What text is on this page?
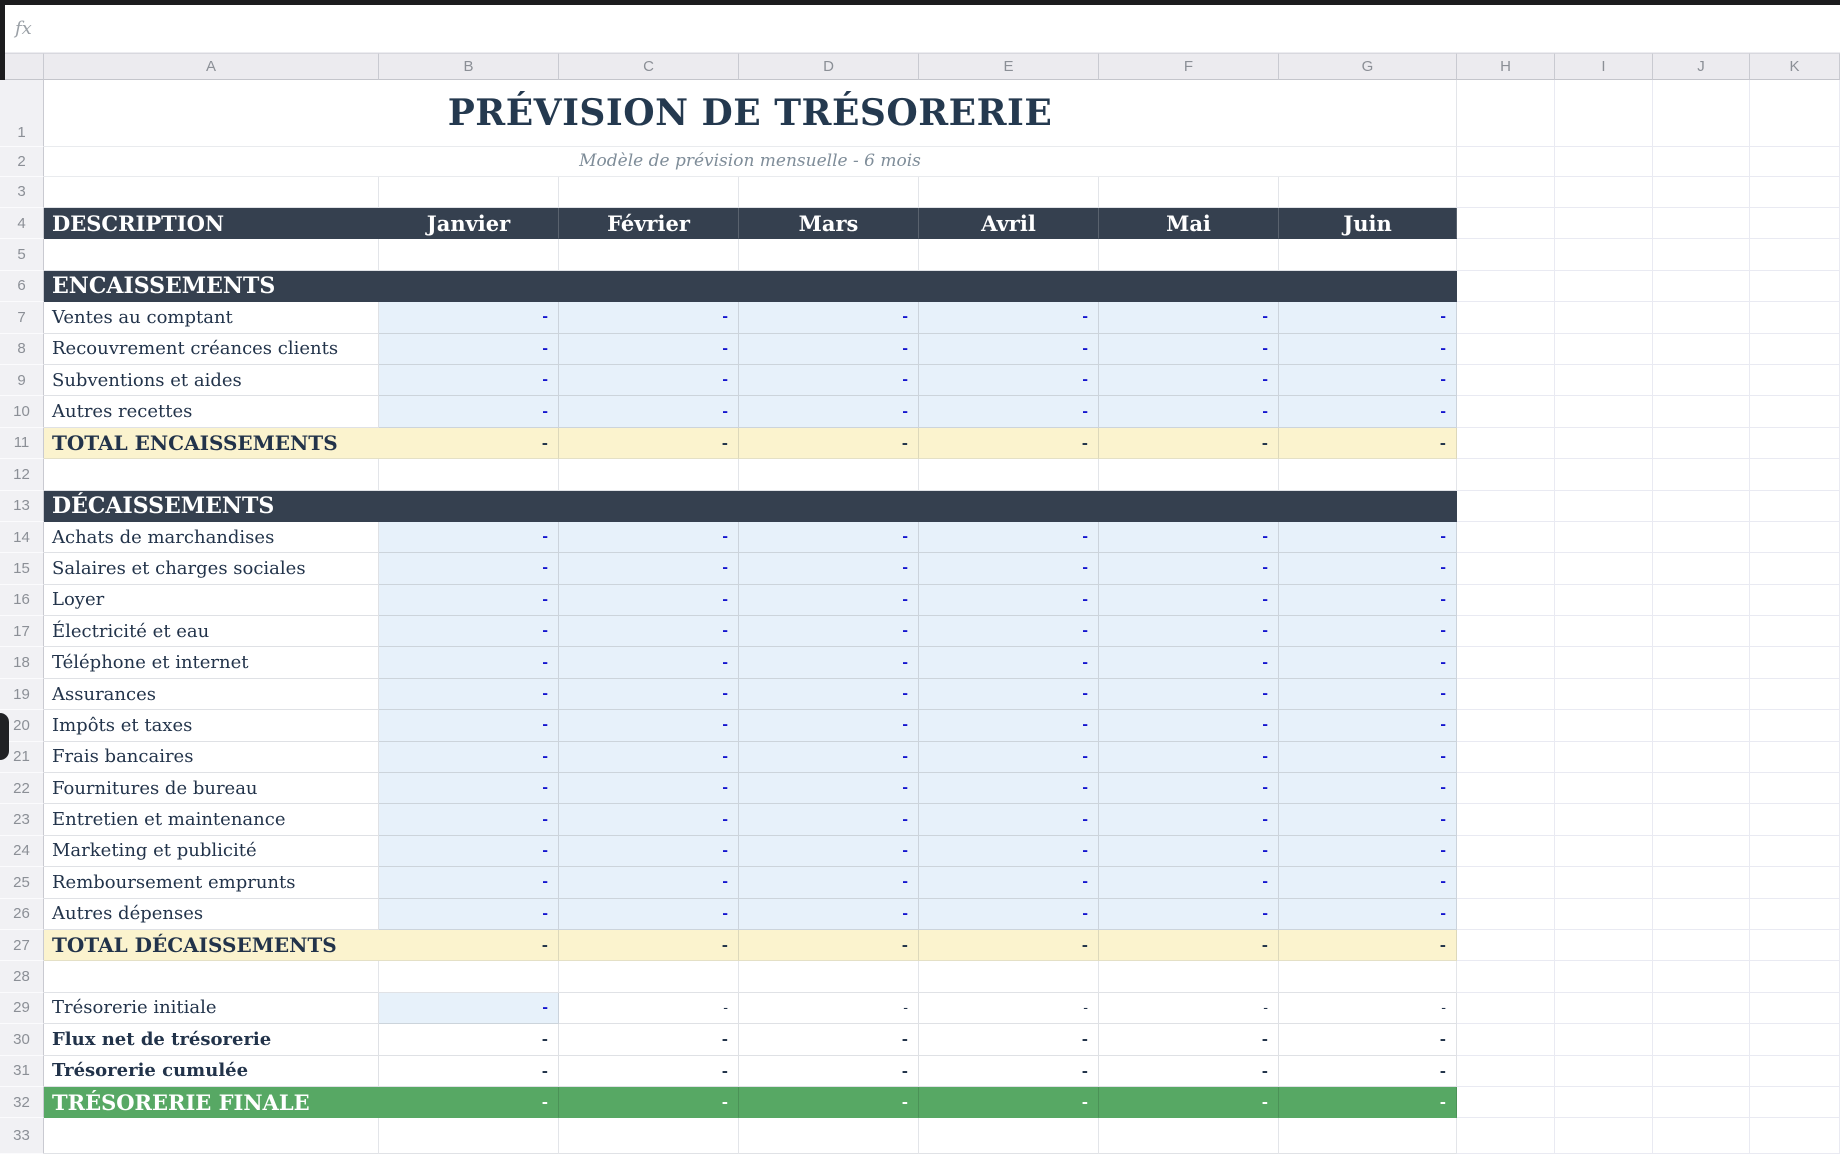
fx
A	B	C	D	E	F	G	H	I	J	K
1	PRÉVISION DE TRÉSORERIE
2	Modèle de prévision mensuelle - 6 mois
3
4	DESCRIPTION	Janvier	Février	Mars	Avril	Mai	Juin
5
6	ENCAISSEMENTS
7	Ventes au comptant	-	-	-	-	-	-
8	Recouvrement créances clients	-	-	-	-	-	-
9	Subventions et aides	-	-	-	-	-	-
10	Autres recettes	-	-	-	-	-	-
11	TOTAL ENCAISSEMENTS	-	-	-	-	-	-
12
13	DÉCAISSEMENTS
14	Achats de marchandises	-	-	-	-	-	-
15	Salaires et charges sociales	-	-	-	-	-	-
16	Loyer	-	-	-	-	-	-
17	Électricité et eau	-	-	-	-	-	-
18	Téléphone et internet	-	-	-	-	-	-
19	Assurances	-	-	-	-	-	-
20	Impôts et taxes	-	-	-	-	-	-
21	Frais bancaires	-	-	-	-	-	-
22	Fournitures de bureau	-	-	-	-	-	-
23	Entretien et maintenance	-	-	-	-	-	-
24	Marketing et publicité	-	-	-	-	-	-
25	Remboursement emprunts	-	-	-	-	-	-
26	Autres dépenses	-	-	-	-	-	-
27	TOTAL DÉCAISSEMENTS	-	-	-	-	-	-
28
29	Trésorerie initiale	-	-	-	-	-	-
30	Flux net de trésorerie	-	-	-	-	-	-
31	Trésorerie cumulée	-	-	-	-	-	-
32	TRÉSORERIE FINALE	-	-	-	-	-	-
33
